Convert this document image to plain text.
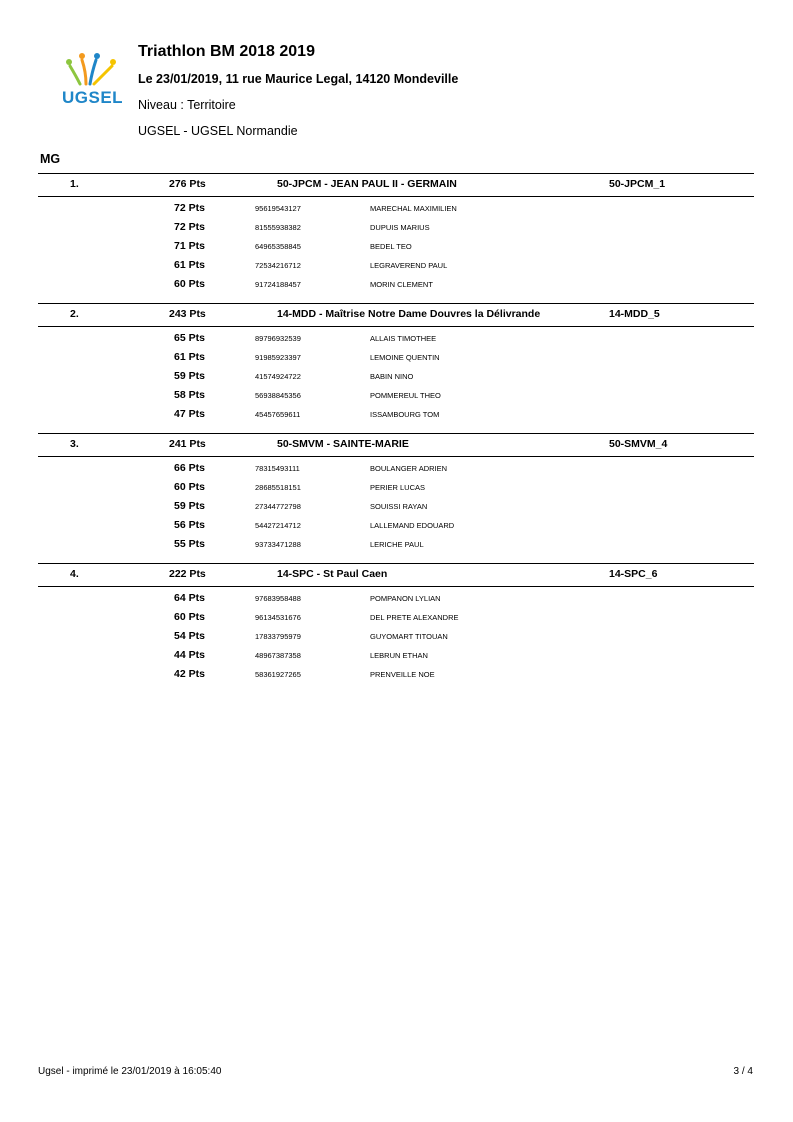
UGSEL
Triathlon BM 2018 2019
Le 23/01/2019, 11 rue Maurice Legal, 14120 Mondeville
Niveau : Territoire
UGSEL - UGSEL Normandie
MG
1.	276 Pts	50-JPCM - JEAN PAUL II - GERMAIN	50-JPCM_1
72 Pts	95619543127	MARECHAL MAXIMILIEN
72 Pts	81555938382	DUPUIS MARIUS
71 Pts	64965358845	BEDEL TEO
61 Pts	72534216712	LEGRAVEREND PAUL
60 Pts	91724188457	MORIN CLEMENT
2.	243 Pts	14-MDD - Maîtrise Notre Dame Douvres la Délivrande	14-MDD_5
65 Pts	89796932539	ALLAIS TIMOTHEE
61 Pts	91985923397	LEMOINE QUENTIN
59 Pts	41574924722	BABIN NINO
58 Pts	56938845356	POMMEREUL THEO
47 Pts	45457659611	ISSAMBOURG TOM
3.	241 Pts	50-SMVM - SAINTE-MARIE	50-SMVM_4
66 Pts	78315493111	BOULANGER ADRIEN
60 Pts	28685518151	PERIER LUCAS
59 Pts	27344772798	SOUISSI RAYAN
56 Pts	54427214712	LALLEMAND EDOUARD
55 Pts	93733471288	LERICHE PAUL
4.	222 Pts	14-SPC - St Paul Caen	14-SPC_6
64 Pts	97683958488	POMPANON LYLIAN
60 Pts	96134531676	DEL PRETE ALEXANDRE
54 Pts	17833795979	GUYOMART TITOUAN
44 Pts	48967387358	LEBRUN ETHAN
42 Pts	58361927265	PRENVEILLE NOE
Ugsel - imprimé le 23/01/2019 à 16:05:40	3 / 4
